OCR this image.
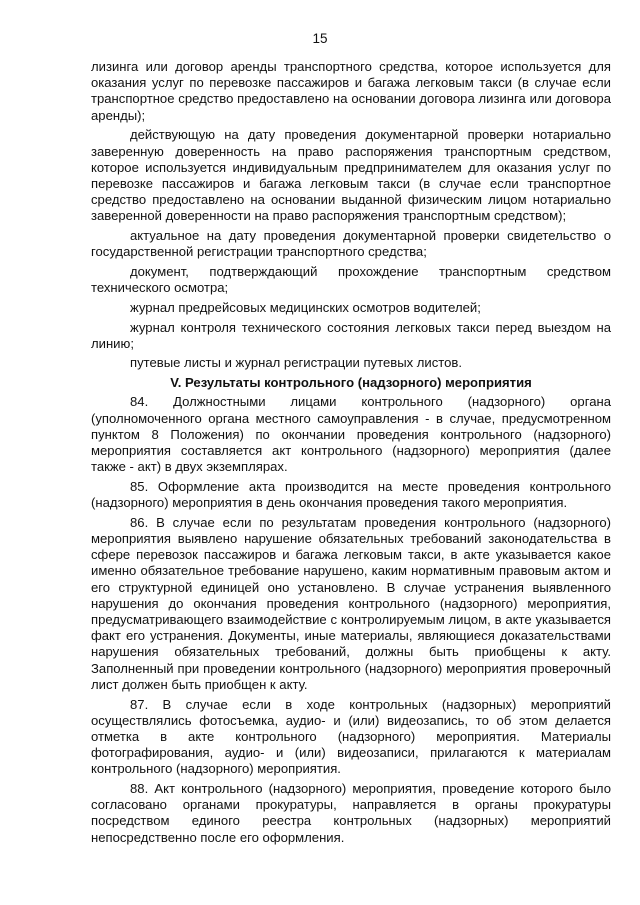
15

лизинга или договор аренды транспортного средства, которое используется для оказания услуг по перевозке пассажиров и багажа легковым такси (в случае если транспортное средство предоставлено на основании договора лизинга или договора аренды);

действующую на дату проведения документарной проверки нотариально заверенную доверенность на право распоряжения транспортным средством, которое используется индивидуальным предпринимателем для оказания услуг по перевозке пассажиров и багажа легковым такси (в случае если транспортное средство предоставлено на основании выданной физическим лицом нотариально заверенной доверенности на право распоряжения транспортным средством);

актуальное на дату проведения документарной проверки свидетельство о государственной регистрации транспортного средства;

документ, подтверждающий прохождение транспортным средством технического осмотра;

журнал предрейсовых медицинских осмотров водителей;

журнал контроля технического состояния легковых такси перед выездом на линию;

путевые листы и журнал регистрации путевых листов.

V. Результаты контрольного (надзорного) мероприятия

84. Должностными лицами контрольного (надзорного) органа (уполномоченного органа местного самоуправления - в случае, предусмотренном пунктом 8 Положения) по окончании проведения контрольного (надзорного) мероприятия составляется акт контрольного (надзорного) мероприятия (далее также - акт) в двух экземплярах.

85. Оформление акта производится на месте проведения контрольного (надзорного) мероприятия в день окончания проведения такого мероприятия.

86. В случае если по результатам проведения контрольного (надзорного) мероприятия выявлено нарушение обязательных требований законодательства в сфере перевозок пассажиров и багажа легковым такси, в акте указывается какое именно обязательное требование нарушено, каким нормативным правовым актом и его структурной единицей оно установлено. В случае устранения выявленного нарушения до окончания проведения контрольного (надзорного) мероприятия, предусматривающего взаимодействие с контролируемым лицом, в акте указывается факт его устранения. Документы, иные материалы, являющиеся доказательствами нарушения обязательных требований, должны быть приобщены к акту. Заполненный при проведении контрольного (надзорного) мероприятия проверочный лист должен быть приобщен к акту.

87. В случае если в ходе контрольных (надзорных) мероприятий осуществлялись фотосъемка, аудио- и (или) видеозапись, то об этом делается отметка в акте контрольного (надзорного) мероприятия. Материалы фотографирования, аудио- и (или) видеозаписи, прилагаются к материалам контрольного (надзорного) мероприятия.

88. Акт контрольного (надзорного) мероприятия, проведение которого было согласовано органами прокуратуры, направляется в органы прокуратуры посредством единого реестра контрольных (надзорных) мероприятий непосредственно после его оформления.
